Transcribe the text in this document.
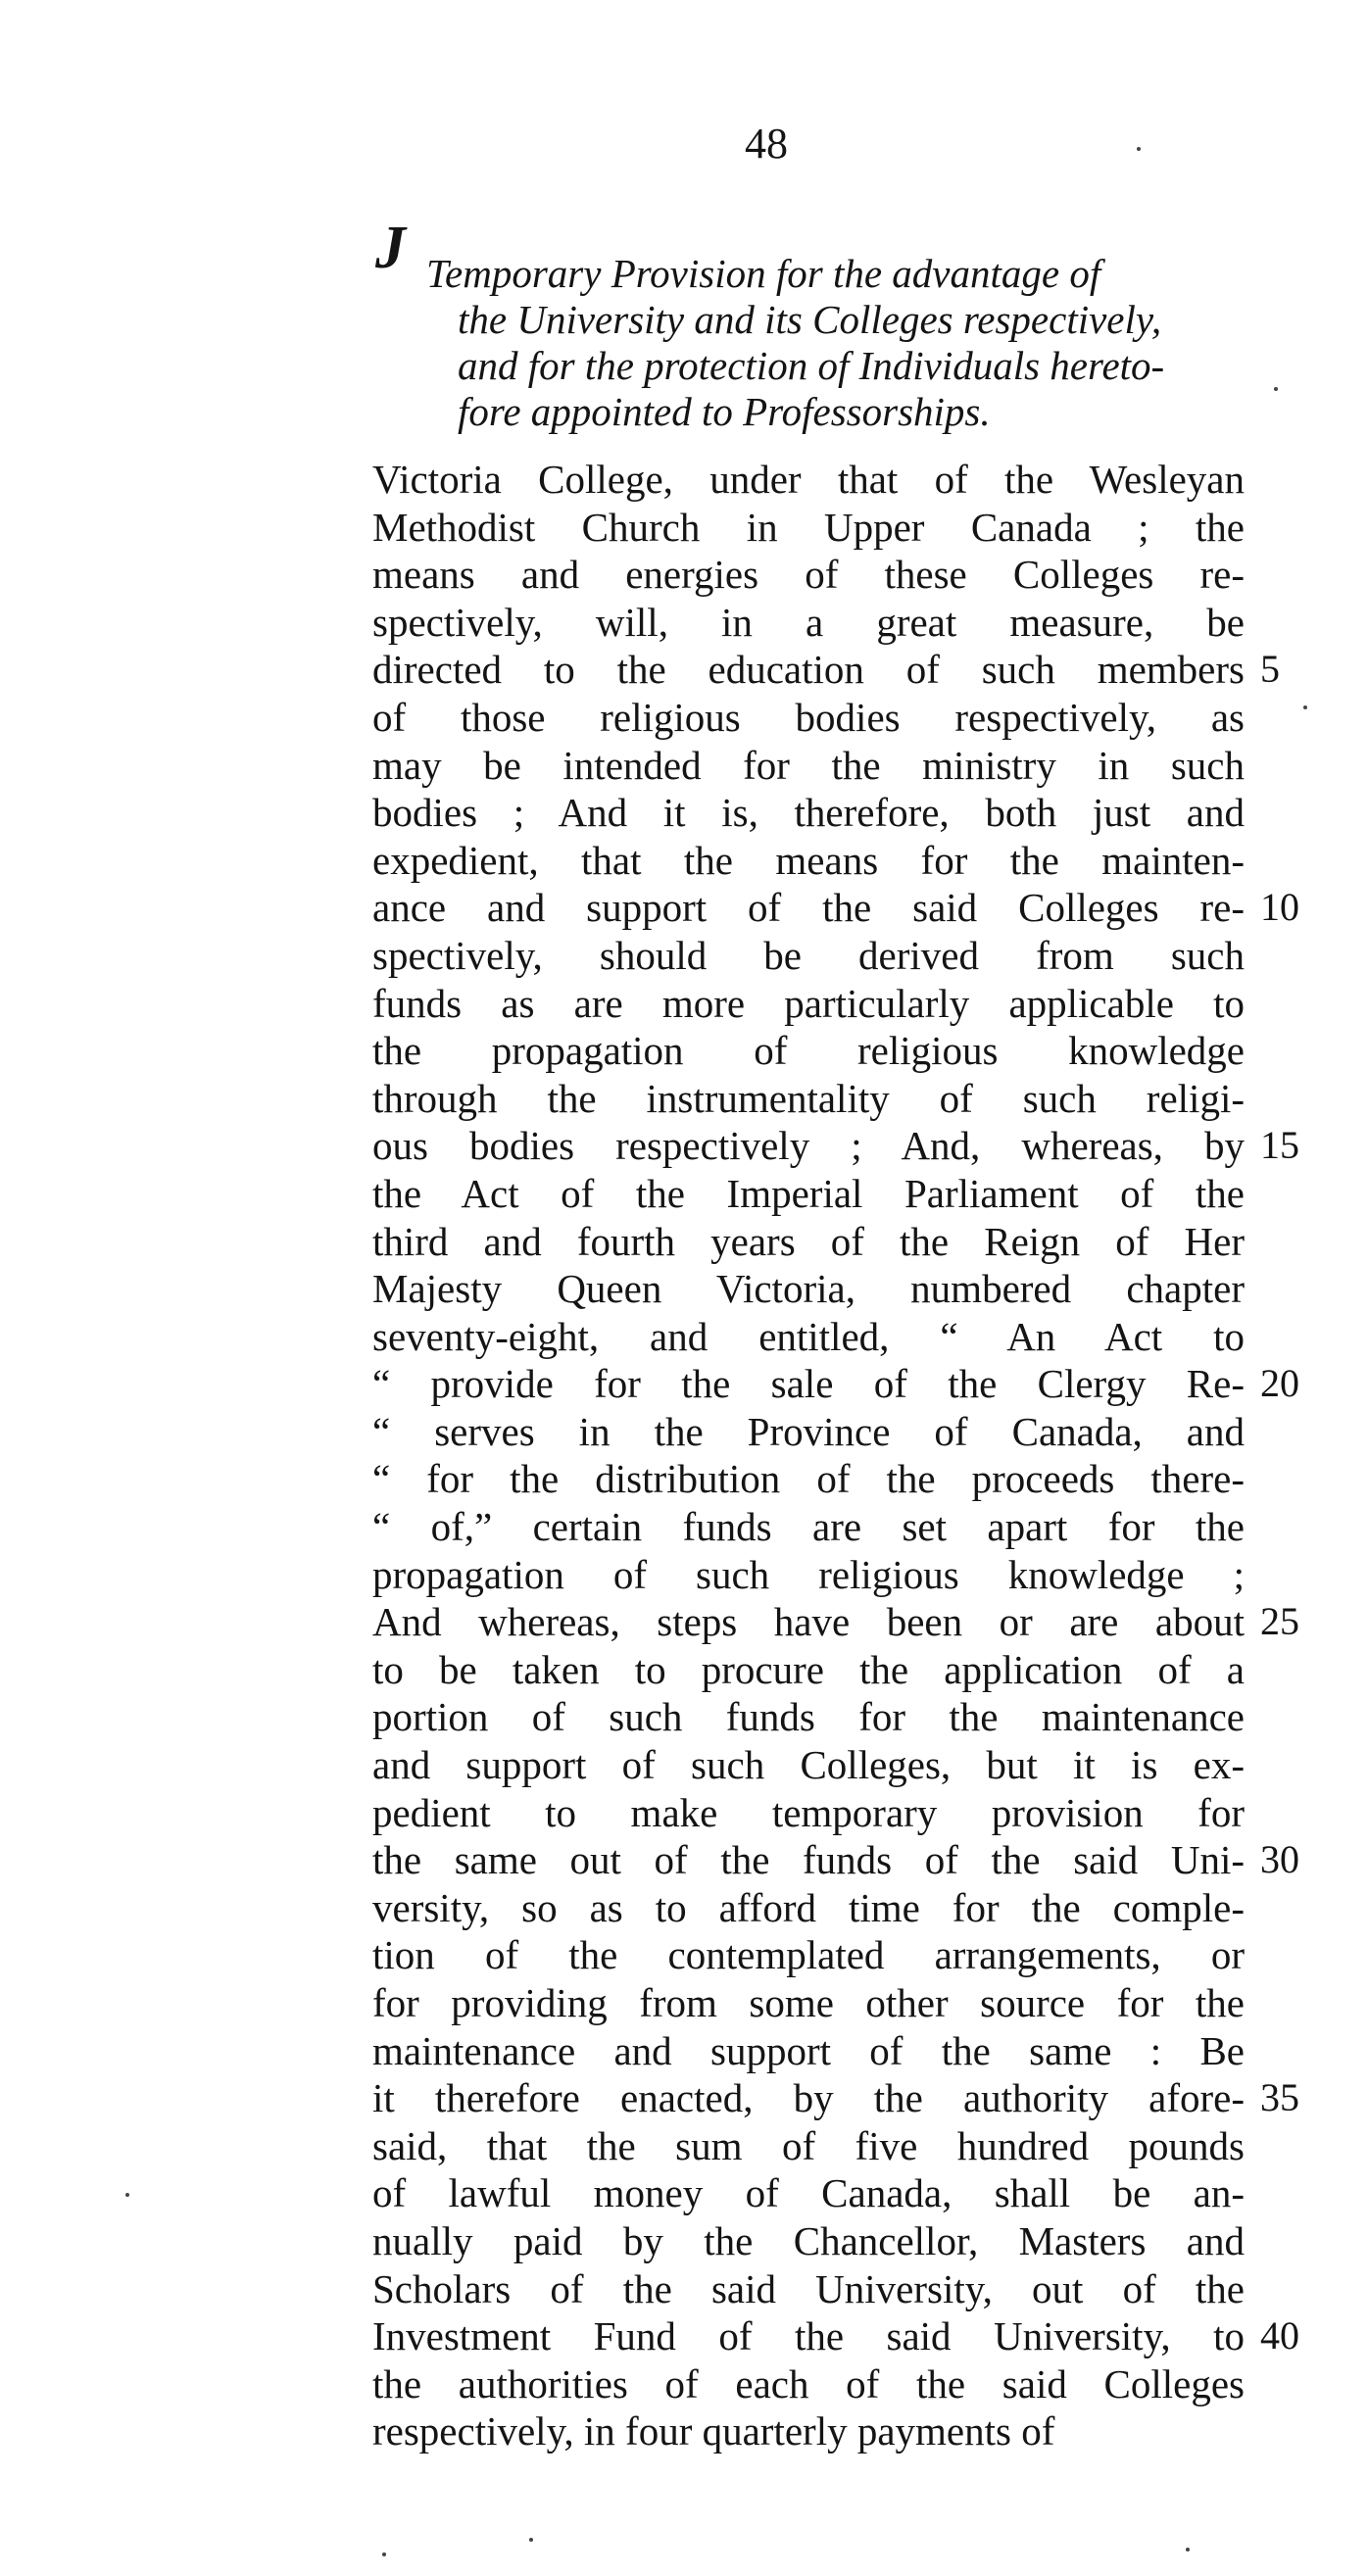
48
J Temporary Provision for the advantage of
the University and its Colleges respectively,
and for the protection of Individuals hereto-
fore appointed to Professorships.
Victoria College, under that of the Wesleyan
Methodist Church in Upper Canada ; the
means and energies of these Colleges re-
spectively, will, in a great measure, be
directed to the education of such members
of those religious bodies respectively, as
may be intended for the ministry in such
bodies ; And it is, therefore, both just and
expedient, that the means for the mainten-
ance and support of the said Colleges re-
spectively, should be derived from such
funds as are more particularly applicable to
the propagation of religious knowledge
through the instrumentality of such religi-
ous bodies respectively ; And, whereas, by
the Act of the Imperial Parliament of the
third and fourth years of the Reign of Her
Majesty Queen Victoria, numbered chapter
seventy-eight, and entitled, “ An Act to
“ provide for the sale of the Clergy Re-
“ serves in the Province of Canada, and
“ for the distribution of the proceeds there-
“ of,” certain funds are set apart for the
propagation of such religious knowledge ;
And whereas, steps have been or are about
to be taken to procure the application of a
portion of such funds for the maintenance
and support of such Colleges, but it is ex-
pedient to make temporary provision for
the same out of the funds of the said Uni-
versity, so as to afford time for the comple-
tion of the contemplated arrangements, or
for providing from some other source for the
maintenance and support of the same : Be
it therefore enacted, by the authority afore-
said, that the sum of five hundred pounds
of lawful money of Canada, shall be an-
nually paid by the Chancellor, Masters and
Scholars of the said University, out of the
Investment Fund of the said University, to
the authorities of each of the said Colleges
respectively, in four quarterly payments of
5
10
15
20
25
30
35
40
